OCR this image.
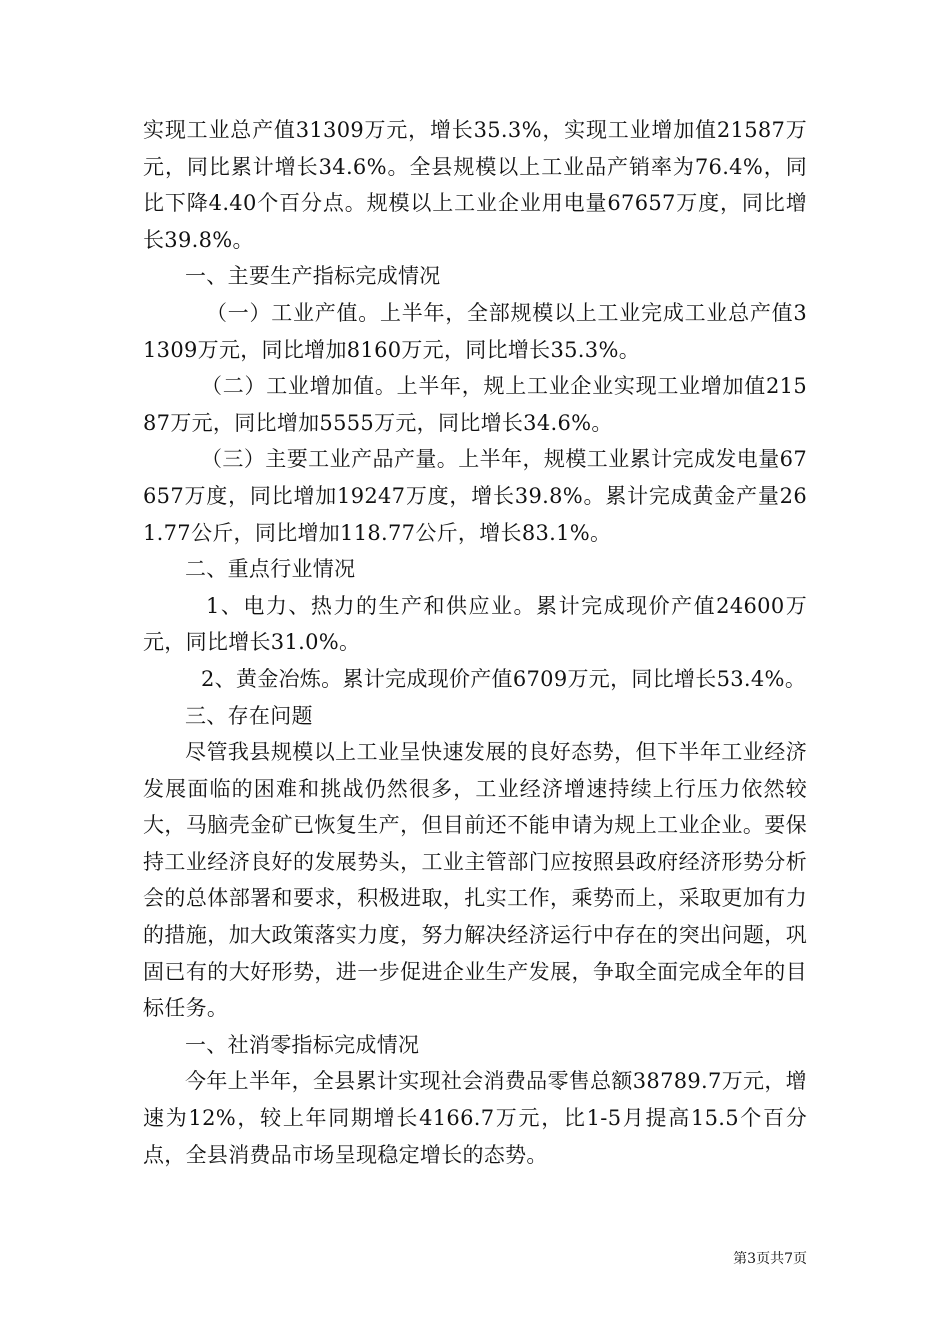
实现工业总产值31309万元，增长35.3%，实现工业增加值21587万元，同比累计增长34.6%。全县规模以上工业品产销率为76.4%，同比下降4.40个百分点。规模以上工业企业用电量67657万度，同比增长39.8%。

一、主要生产指标完成情况

（一）工业产值。上半年，全部规模以上工业完成工业总产值31309万元，同比增加8160万元，同比增长35.3%。

（二）工业增加值。上半年，规上工业企业实现工业增加值21587万元，同比增加5555万元，同比增长34.6%。

（三）主要工业产品产量。上半年，规模工业累计完成发电量67657万度，同比增加19247万度，增长39.8%。累计完成黄金产量261.77公斤，同比增加118.77公斤，增长83.1%。

二、重点行业情况

1、电力、热力的生产和供应业。累计完成现价产值24600万元，同比增长31.0%。

2、黄金冶炼。累计完成现价产值6709万元，同比增长53.4%。

三、存在问题

尽管我县规模以上工业呈快速发展的良好态势，但下半年工业经济发展面临的困难和挑战仍然很多，工业经济增速持续上行压力依然较大，马脑壳金矿已恢复生产，但目前还不能申请为规上工业企业。要保持工业经济良好的发展势头，工业主管部门应按照县政府经济形势分析会的总体部署和要求，积极进取，扎实工作，乘势而上，采取更加有力的措施，加大政策落实力度，努力解决经济运行中存在的突出问题，巩固已有的大好形势，进一步促进企业生产发展，争取全面完成全年的目标任务。

一、社消零指标完成情况

今年上半年，全县累计实现社会消费品零售总额38789.7万元，增速为12%，较上年同期增长4166.7万元，比1-5月提高15.5个百分点，全县消费品市场呈现稳定增长的态势。

第3页共7页
